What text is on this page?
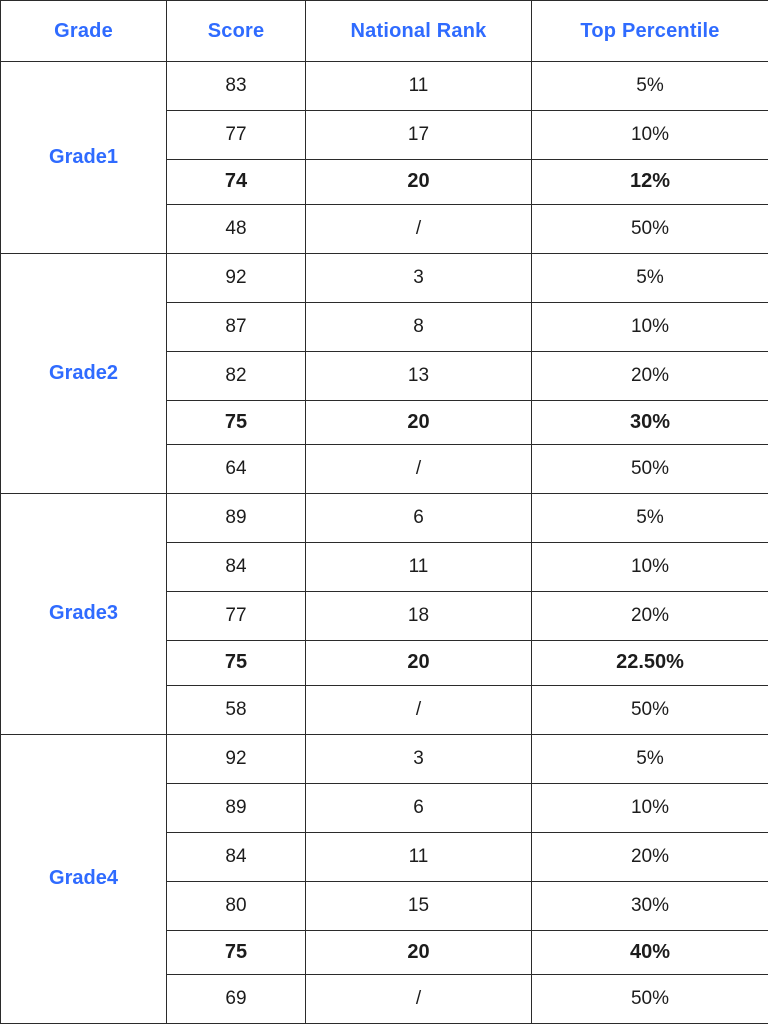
Grade	Score	National Rank	Top Percentile
Grade1	83	11	5%
	77	17	10%
	74	20	12%
	48	/	50%
Grade2	92	3	5%
	87	8	10%
	82	13	20%
	75	20	30%
	64	/	50%
Grade3	89	6	5%
	84	11	10%
	77	18	20%
	75	20	22.50%
	58	/	50%
Grade4	92	3	5%
	89	6	10%
	84	11	20%
	80	15	30%
	75	20	40%
	69	/	50%
